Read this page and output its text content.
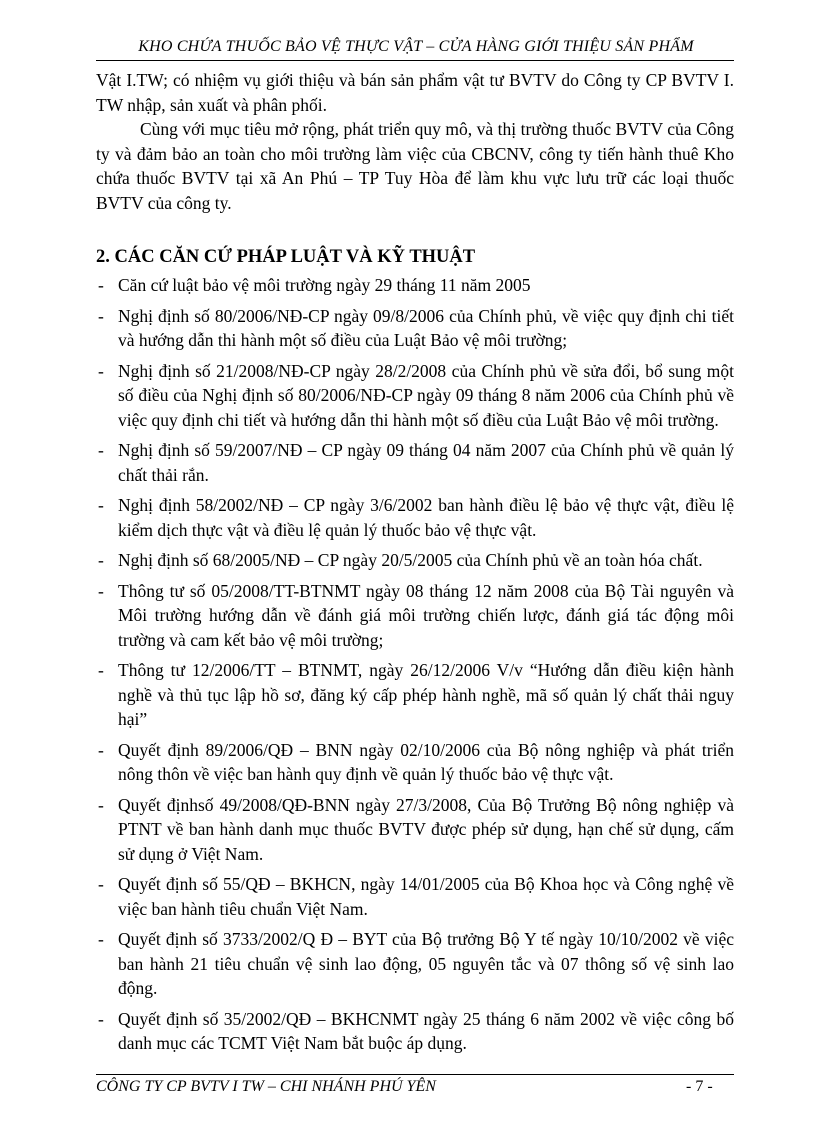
KHO CHỨA THUỐC BẢO VỆ THỰC VẬT – CỬA HÀNG GIỚI THIỆU SẢN PHẨM

Vật I.TW; có nhiệm vụ giới thiệu và bán sản phẩm vật tư BVTV do Công ty CP BVTV I. TW nhập, sản xuất và phân phối.

Cùng với mục tiêu mở rộng, phát triển quy mô, và thị trường thuốc BVTV của Công ty và đảm bảo an toàn cho môi trường làm việc của CBCNV, công ty tiến hành thuê Kho chứa thuốc BVTV tại xã An Phú – TP Tuy Hòa để làm khu vực lưu trữ các loại thuốc BVTV của công ty.

2. CÁC CĂN CỨ PHÁP LUẬT VÀ KỸ THUẬT
- Căn cứ luật bảo vệ môi trường ngày 29 tháng 11 năm 2005
- Nghị định số 80/2006/NĐ-CP ngày 09/8/2006 của Chính phủ, về việc quy định chi tiết và hướng dẫn thi hành một số điều của Luật Bảo vệ môi trường;
- Nghị định số 21/2008/NĐ-CP ngày 28/2/2008 của Chính phủ về sửa đổi, bổ sung một số điều của Nghị định số 80/2006/NĐ-CP ngày 09 tháng 8 năm 2006 của Chính phủ về việc quy định chi tiết và hướng dẫn thi hành một số điều của Luật Bảo vệ môi trường.
- Nghị định số 59/2007/NĐ – CP ngày 09 tháng 04 năm 2007 của Chính phủ về quản lý chất thải rắn.
- Nghị định 58/2002/NĐ – CP ngày 3/6/2002 ban hành điều lệ bảo vệ thực vật, điều lệ kiểm dịch thực vật và điều lệ quản lý thuốc bảo vệ thực vật.
- Nghị định số 68/2005/NĐ – CP ngày 20/5/2005 của Chính phủ về an toàn hóa chất.
- Thông tư số 05/2008/TT-BTNMT ngày 08 tháng 12 năm 2008 của Bộ Tài nguyên và Môi trường hướng dẫn về đánh giá môi trường chiến lược, đánh giá tác động môi trường và cam kết bảo vệ môi trường;
- Thông tư 12/2006/TT – BTNMT, ngày 26/12/2006 V/v “Hướng dẫn điều kiện hành nghề và thủ tục lập hồ sơ, đăng ký cấp phép hành nghề, mã số quản lý chất thải nguy hại”
- Quyết định 89/2006/QĐ – BNN ngày 02/10/2006 của Bộ nông nghiệp và phát triển nông thôn về việc ban hành quy định về quản lý thuốc bảo vệ thực vật.
- Quyết địnhsố 49/2008/QĐ-BNN ngày 27/3/2008, Của Bộ Trưởng Bộ nông nghiệp và PTNT về ban hành danh mục thuốc BVTV được phép sử dụng, hạn chế sử dụng, cấm sử dụng ở Việt Nam.
- Quyết định số 55/QĐ – BKHCN, ngày 14/01/2005 của Bộ Khoa học và Công nghệ về việc ban hành tiêu chuẩn Việt Nam.
- Quyết định số 3733/2002/Q Đ – BYT của Bộ trưởng Bộ Y tế ngày 10/10/2002 về việc ban hành 21 tiêu chuẩn vệ sinh lao động, 05 nguyên tắc và 07 thông số vệ sinh lao động.
- Quyết định số 35/2002/QĐ – BKHCNMT ngày 25 tháng 6 năm 2002 về việc công bố danh mục các TCMT Việt Nam bắt buộc áp dụng.
CÔNG TY CP BVTV I TW – CHI NHÁNH PHÚ YÊN	- 7 -
